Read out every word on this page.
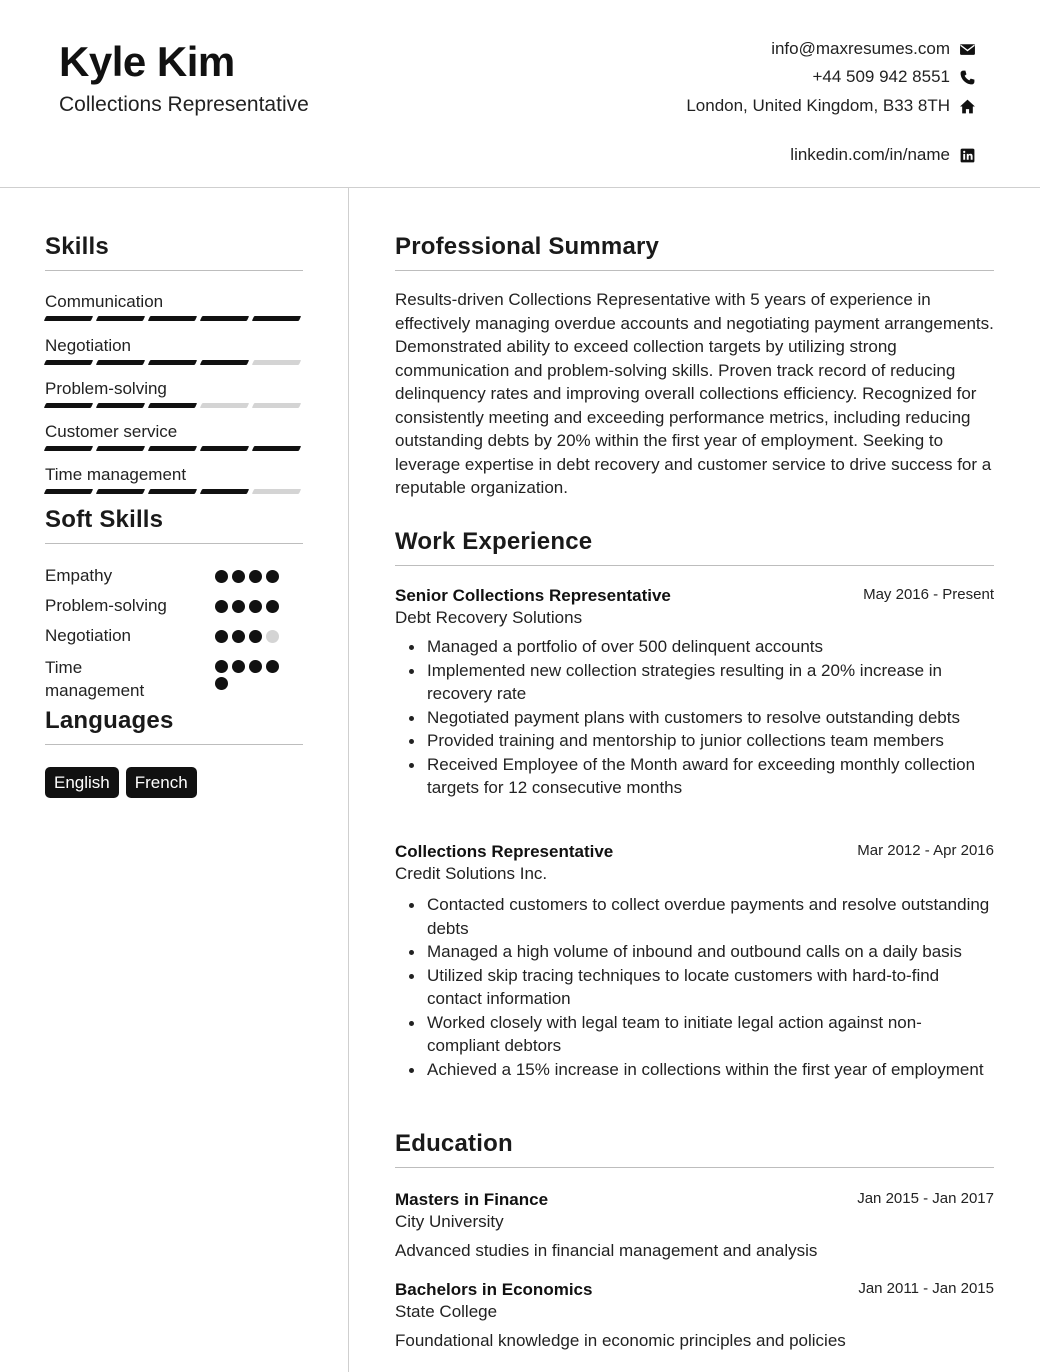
Kyle Kim
Collections Representative
info@maxresumes.com
+44 509 942 8551
London, United Kingdom, B33 8TH
linkedin.com/in/name
Skills
Communication
Negotiation
Problem-solving
Customer service
Time management
Soft Skills
Empathy
Problem-solving
Negotiation
Time management
Languages
English	French
Professional Summary
Results-driven Collections Representative with 5 years of experience in effectively managing overdue accounts and negotiating payment arrangements. Demonstrated ability to exceed collection targets by utilizing strong communication and problem-solving skills. Proven track record of reducing delinquency rates and improving overall collections efficiency. Recognized for consistently meeting and exceeding performance metrics, including reducing outstanding debts by 20% within the first year of employment. Seeking to leverage expertise in debt recovery and customer service to drive success for a reputable organization.
Work Experience
Senior Collections Representative	May 2016 - Present
Debt Recovery Solutions
Managed a portfolio of over 500 delinquent accounts
Implemented new collection strategies resulting in a 20% increase in recovery rate
Negotiated payment plans with customers to resolve outstanding debts
Provided training and mentorship to junior collections team members
Received Employee of the Month award for exceeding monthly collection targets for 12 consecutive months
Collections Representative	Mar 2012 - Apr 2016
Credit Solutions Inc.
Contacted customers to collect overdue payments and resolve outstanding debts
Managed a high volume of inbound and outbound calls on a daily basis
Utilized skip tracing techniques to locate customers with hard-to-find contact information
Worked closely with legal team to initiate legal action against non-compliant debtors
Achieved a 15% increase in collections within the first year of employment
Education
Masters in Finance	Jan 2015 - Jan 2017
City University
Advanced studies in financial management and analysis
Bachelors in Economics	Jan 2011 - Jan 2015
State College
Foundational knowledge in economic principles and policies
